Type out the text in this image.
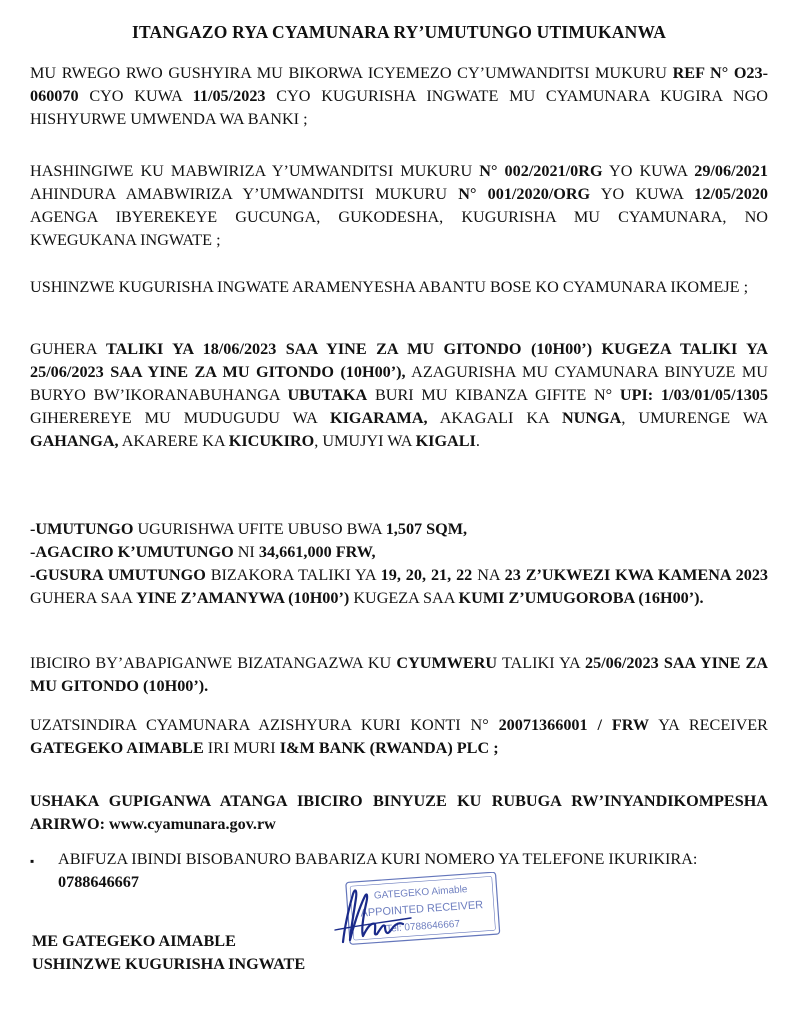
ITANGAZO RYA CYAMUNARA RY’UMUTUNGO UTIMUKANWA
MU RWEGO RWO GUSHYIRA MU BIKORWA ICYEMEZO CY’UMWANDITSI MUKURU REF N° O23-060070 CYO KUWA 11/05/2023 CYO KUGURISHA INGWATE MU CYAMUNARA KUGIRA NGO HISHYURWE UMWENDA WA BANKI ;
HASHINGIWE KU MABWIRIZA Y’UMWANDITSI MUKURU N° 002/2021/0RG YO KUWA 29/06/2021 AHINDURA AMABWIRIZA Y’UMWANDITSI MUKURU N° 001/2020/ORG YO KUWA 12/05/2020 AGENGA IBYEREKEYE GUCUNGA, GUKODESHA, KUGURISHA MU CYAMUNARA, NO KWEGUKANA INGWATE ;
USHINZWE KUGURISHA INGWATE ARAMENYESHA ABANTU BOSE KO CYAMUNARA IKOMEJE ;
GUHERA TALIKI YA 18/06/2023 SAA YINE ZA MU GITONDO (10H00’) KUGEZA TALIKI YA 25/06/2023 SAA YINE ZA MU GITONDO (10H00’), AZAGURISHA MU CYAMUNARA BINYUZE MU BURYO BW’IKORANABUHANGA UBUTAKA BURI MU KIBANZA GIFITE N° UPI: 1/03/01/05/1305 GIHEREREYE MU MUDUGUDU WA KIGARAMA, AKAGALI KA NUNGA, UMURENGE WA GAHANGA, AKARERE KA KICUKIRO, UMUJYI WA KIGALI.
-UMUTUNGO UGURISHWA UFITE UBUSO BWA 1,507 SQM,
-AGACIRO K’UMUTUNGO NI 34,661,000 FRW,
-GUSURA UMUTUNGO BIZAKORA TALIKI YA 19, 20, 21, 22 NA 23 Z’UKWEZI KWA KAMENA 2023 GUHERA SAA YINE Z’AMANYWA (10H00’) KUGEZA SAA KUMI Z’UMUGOROBA (16H00’).
IBICIRO BY’ABAPIGANWE BIZATANGAZWA KU CYUMWERU TALIKI YA 25/06/2023 SAA YINE ZA MU GITONDO (10H00’).
UZATSINDIRA CYAMUNARA AZISHYURA KURI KONTI N° 20071366001 / FRW YA RECEIVER GATEGEKO AIMABLE IRI MURI I&M BANK (RWANDA) PLC ;
USHAKA GUPIGANWA ATANGA IBICIRO BINYUZE KU RUBUGA RW’INYANDIKOMPESHA ARIRWO: www.cyamunara.gov.rw
▪	ABIFUZA IBINDI BISOBANURO BABARIZA KURI NOMERO YA TELEFONE IKURIKIRA: 0788646667
GATEGEKO Aimable
APPOINTED RECEIVER
Tel: 0788646667
ME GATEGEKO AIMABLE
USHINZWE KUGURISHA INGWATE
